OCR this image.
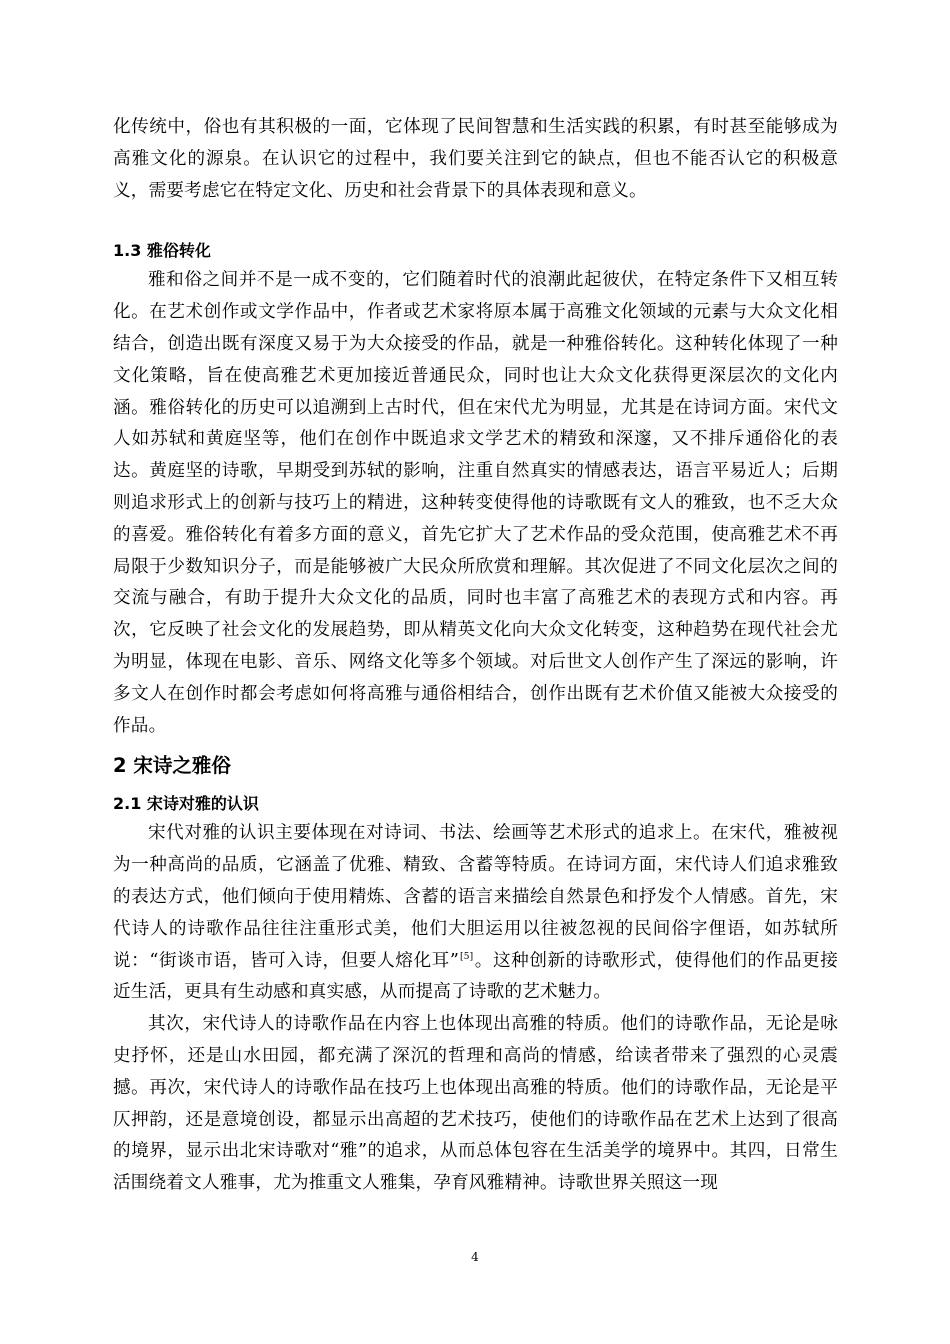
化传统中，俗也有其积极的一面，它体现了民间智慧和生活实践的积累，有时甚至能够成为高雅文化的源泉。在认识它的过程中，我们要关注到它的缺点，但也不能否认它的积极意义，需要考虑它在特定文化、历史和社会背景下的具体表现和意义。

1.3 雅俗转化

雅和俗之间并不是一成不变的，它们随着时代的浪潮此起彼伏，在特定条件下又相互转化。在艺术创作或文学作品中，作者或艺术家将原本属于高雅文化领域的元素与大众文化相结合，创造出既有深度又易于为大众接受的作品，就是一种雅俗转化。这种转化体现了一种文化策略，旨在使高雅艺术更加接近普通民众，同时也让大众文化获得更深层次的文化内涵。雅俗转化的历史可以追溯到上古时代，但在宋代尤为明显，尤其是在诗词方面。宋代文人如苏轼和黄庭坚等，他们在创作中既追求文学艺术的精致和深邃，又不排斥通俗化的表达。黄庭坚的诗歌，早期受到苏轼的影响，注重自然真实的情感表达，语言平易近人；后期则追求形式上的创新与技巧上的精进，这种转变使得他的诗歌既有文人的雅致，也不乏大众的喜爱。雅俗转化有着多方面的意义，首先它扩大了艺术作品的受众范围，使高雅艺术不再局限于少数知识分子，而是能够被广大民众所欣赏和理解。其次促进了不同文化层次之间的交流与融合，有助于提升大众文化的品质，同时也丰富了高雅艺术的表现方式和内容。再次，它反映了社会文化的发展趋势，即从精英文化向大众文化转变，这种趋势在现代社会尤为明显，体现在电影、音乐、网络文化等多个领域。对后世文人创作产生了深远的影响，许多文人在创作时都会考虑如何将高雅与通俗相结合，创作出既有艺术价值又能被大众接受的作品。

2 宋诗之雅俗
2.1 宋诗对雅的认识

宋代对雅的认识主要体现在对诗词、书法、绘画等艺术形式的追求上。在宋代，雅被视为一种高尚的品质，它涵盖了优雅、精致、含蓄等特质。在诗词方面，宋代诗人们追求雅致的表达方式，他们倾向于使用精炼、含蓄的语言来描绘自然景色和抒发个人情感。首先，宋代诗人的诗歌作品往往注重形式美，他们大胆运用以往被忽视的民间俗字俚语，如苏轼所说：“街谈市语，皆可入诗，但要人熔化耳”[5]。这种创新的诗歌形式，使得他们的作品更接近生活，更具有生动感和真实感，从而提高了诗歌的艺术魅力。

其次，宋代诗人的诗歌作品在内容上也体现出高雅的特质。他们的诗歌作品，无论是咏史抒怀，还是山水田园，都充满了深沉的哲理和高尚的情感，给读者带来了强烈的心灵震撼。再次，宋代诗人的诗歌作品在技巧上也体现出高雅的特质。他们的诗歌作品，无论是平仄押韵，还是意境创设，都显示出高超的艺术技巧，使他们的诗歌作品在艺术上达到了很高的境界，显示出北宋诗歌对“雅”的追求，从而总体包容在生活美学的境界中。其四，日常生活围绕着文人雅事，尤为推重文人雅集，孕育风雅精神。诗歌世界关照这一现

4
